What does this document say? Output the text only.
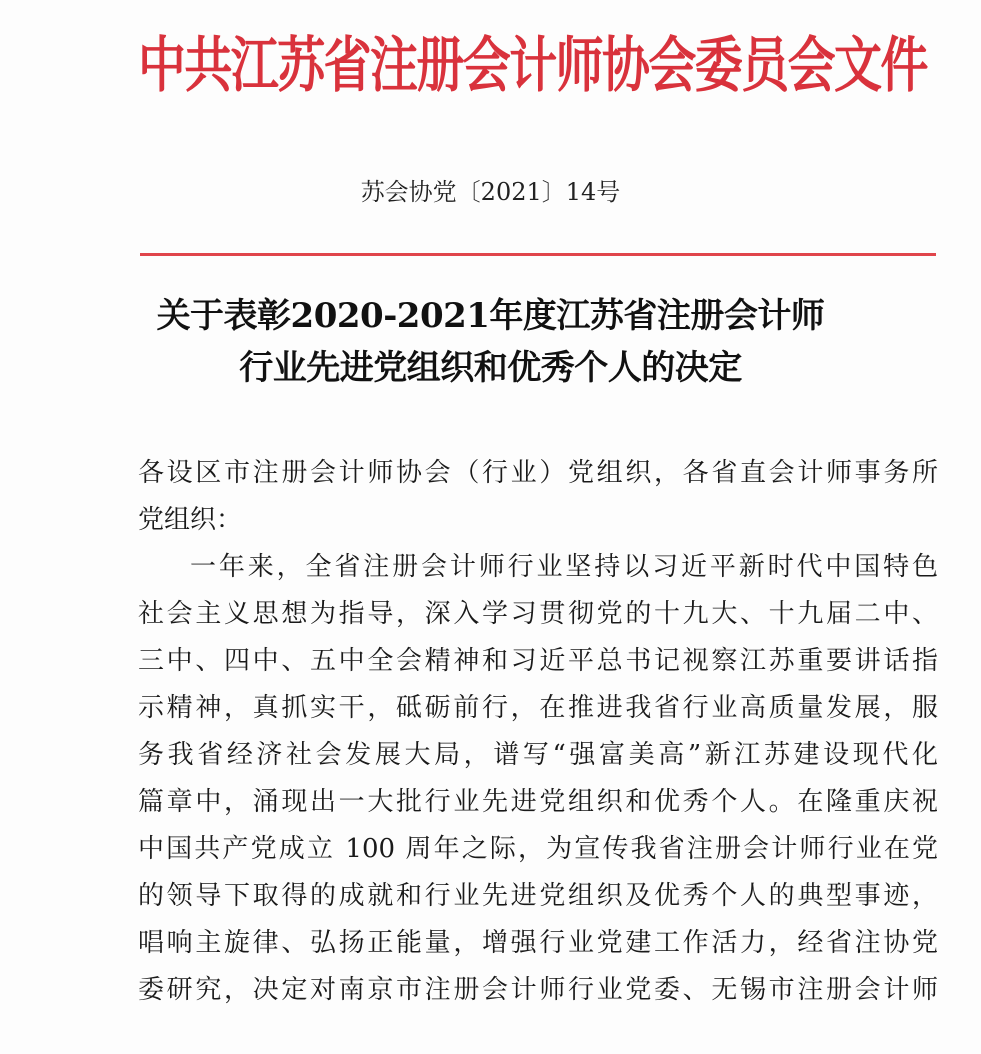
中共江苏省注册会计师协会委员会文件
苏会协党〔2021〕14号
关于表彰2020-2021年度江苏省注册会计师
行业先进党组织和优秀个人的决定
各设区市注册会计师协会（行业）党组织，各省直会计师事务所
党组织：
一年来，全省注册会计师行业坚持以习近平新时代中国特色
社会主义思想为指导，深入学习贯彻党的十九大、十九届二中、
三中、四中、五中全会精神和习近平总书记视察江苏重要讲话指
示精神，真抓实干，砥砺前行，在推进我省行业高质量发展，服
务我省经济社会发展大局，谱写“强富美高”新江苏建设现代化
篇章中，涌现出一大批行业先进党组织和优秀个人。在隆重庆祝
中国共产党成立 100 周年之际，为宣传我省注册会计师行业在党
的领导下取得的成就和行业先进党组织及优秀个人的典型事迹，
唱响主旋律、弘扬正能量，增强行业党建工作活力，经省注协党
委研究，决定对南京市注册会计师行业党委、无锡市注册会计师
